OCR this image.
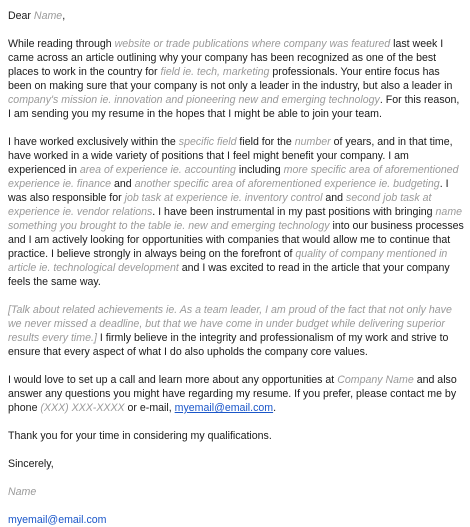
Dear Name,

While reading through website or trade publications where company was featured last week I came across an article outlining why your company has been recognized as one of the best places to work in the country for field ie. tech, marketing professionals. Your entire focus has been on making sure that your company is not only a leader in the industry, but also a leader in company's mission ie. innovation and pioneering new and emerging technology. For this reason, I am sending you my resume in the hopes that I might be able to join your team.

I have worked exclusively within the specific field field for the number of years, and in that time, have worked in a wide variety of positions that I feel might benefit your company. I am experienced in area of experience ie. accounting including more specific area of aforementioned experience ie. finance and another specific area of aforementioned experience ie. budgeting. I was also responsible for job task at experience ie. inventory control and second job task at experience ie. vendor relations. I have been instrumental in my past positions with bringing name something you brought to the table ie. new and emerging technology into our business processes and I am actively looking for opportunities with companies that would allow me to continue that practice. I believe strongly in always being on the forefront of quality of company mentioned in article ie. technological development and I was excited to read in the article that your company feels the same way.

[Talk about related achievements ie. As a team leader, I am proud of the fact that not only have we never missed a deadline, but that we have come in under budget while delivering superior results every time.] I firmly believe in the integrity and professionalism of my work and strive to ensure that every aspect of what I do also upholds the company core values.

I would love to set up a call and learn more about any opportunities at Company Name and also answer any questions you might have regarding my resume. If you prefer, please contact me by phone (XXX) XXX-XXXX or e-mail, myemail@email.com.

Thank you for your time in considering my qualifications.

Sincerely,

Name

myemail@email.com
